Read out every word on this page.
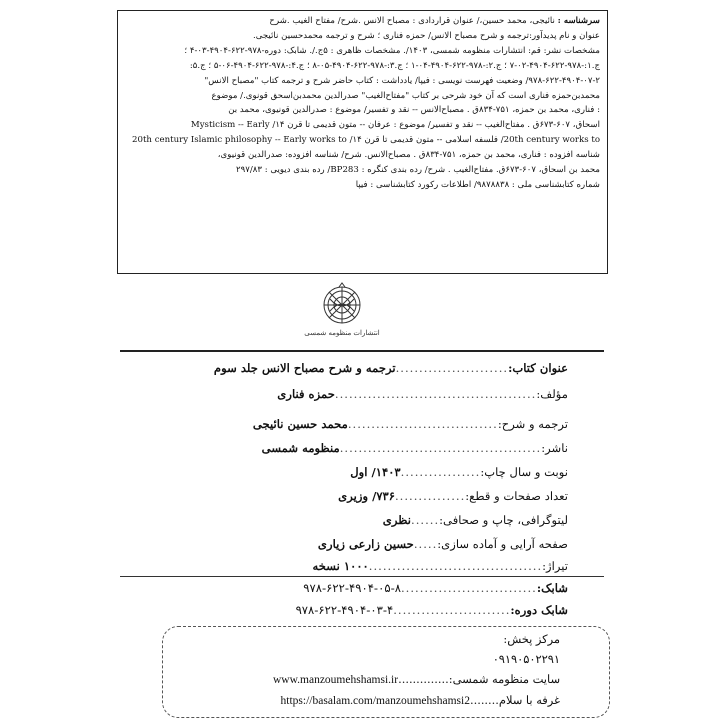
سرشناسه : نائیجی، محمد حسین،/ عنوان قراردادی : مصباح الانس .شرح/ مفتاح الغیب .شرح
عنوان و نام پدیدآور:ترجمه و شرح مصباح الانس/ حمزه فناری ؛ شرح و ترجمه محمدحسین نائیجی.
مشخصات نشر: قم: انتشارات منظومه شمسی، ۱۴۰۳/. مشخصات ظاهری : ۵ج./. شابک: دوره-۹۷۸-۶۲۲-۴۹۰۴-۰۳-۴ ؛
ج.۱:-۹۷۸-۶۲۲-۴۹۰۴-۰۲-۷ ؛ ج.۲:-۹۷۸-۶۲۲-۴۹۰۴-۰۴-۱ ؛ ج.۳:-۹۷۸-۶۲۲-۴۹۰۴-۰۵-۸ ؛ ج.۴:-۹۷۸-۶۲۲-۴۹۰۴-۰۶-۵ ؛ ج.۵:
۹۷۸-۶۲۲-۴۹۰۴-۰۷-۲/ وضعیت فهرست نویسی : فیپا/ یادداشت : کتاب حاضر شرح و ترجمه کتاب "مصباح الانس"
محمدبن‌حمزه فناری است که آن خود شرحی بر کتاب "مفتاح‌الغیب" صدرالدین محمدبن‌اسحق قونوی./ موضوع
: فناری، محمد بن حمزه، ۷۵۱-۸۳۴ق . مصباح‌الانس -- نقد و تفسیر/ موضوع : صدرالدین قونیوی، محمد بن
اسحاق، ۶۰۷-۶۷۳ق . مفتاح‌الغیب -- نقد و تفسیر/ موضوع : عرفان -- متون قدیمی تا قرن ۱۴/ Mysticism -- Early
20th century works to/ فلسفه اسلامی -- متون قدیمی تا قرن ۱۴/ 20th century Islamic philosophy -- Early works to
شناسه افزوده : فناری، محمد بن حمزه، ۷۵۱-۸۳۴ق . مصباح‌الانس. شرح/ شناسه افزوده: صدرالدین قونیوی،
محمد بن اسحاق، ۶۰۷-۶۷۳ق. مفتاح‌الغیب . شرح/ رده بندی کنگره : BP283/ رده بندی دیویی : ۲۹۷/۸۳
شماره کتابشناسی ملی : ۹۸۷۸۸۳۸/ اطلاعات رکورد کتابشناسی : فیپا
انتشارات منظومه شمسی
عنوان کتاب:
........................
ترجمه و شرح مصباح الانس جلد سوم
مؤلف:
...........................................
حمزه فناری
ترجمه و شرح:
................................
محمد حسین نائیجی
ناشر:
...........................................
منظومه شمسی
نوبت و سال چاپ:
.................
۱۴۰۳/ اول
تعداد صفحات و قطع:
...............
۷۳۶/ وزیری
لیتوگرافی، چاپ و صحافی:
......
نظری
صفحه آرایی و آماده سازی:
.....
حسین زارعی زیاری
تیراژ:
.....................................
۱۰۰۰ نسخه
شابک:
.............................
۹۷۸-۶۲۲-۴۹۰۴-۰۵-۸
شابک دوره:
.........................
۹۷۸-۶۲۲-۴۹۰۴-۰۳-۴
مرکز پخش:
۰۹۱۹۰۵۰۲۲۹۱
سایت منظومه شمسی:
..............
www.manzoumehshamsi.ir
غرفه با سلام
........
https://basalam.com/manzoumehshamsi2
